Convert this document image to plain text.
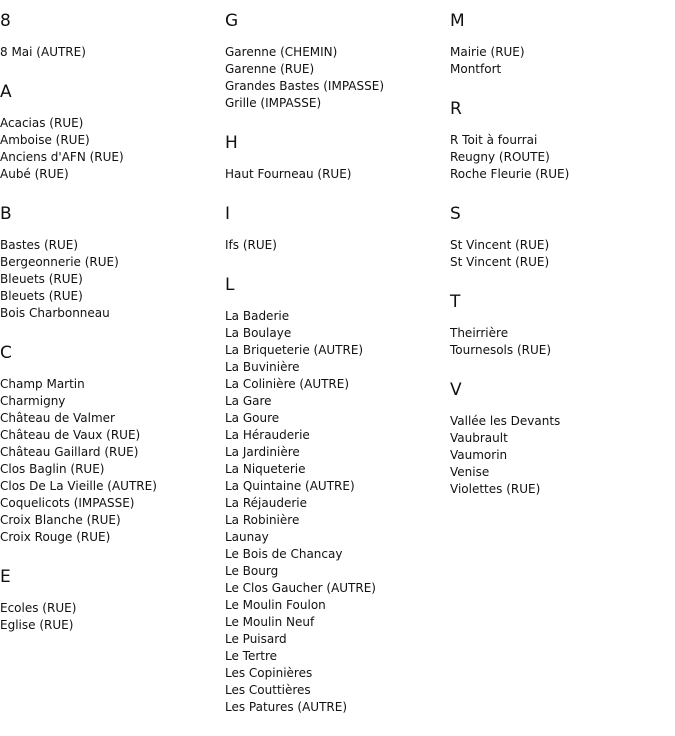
8
8 Mai (AUTRE)
A
Acacias (RUE)
Amboise (RUE)
Anciens d'AFN (RUE)
Aubé (RUE)
B
Bastes (RUE)
Bergeonnerie (RUE)
Bleuets (RUE)
Bleuets (RUE)
Bois Charbonneau
C
Champ Martin
Charmigny
Château de Valmer
Château de Vaux (RUE)
Château Gaillard (RUE)
Clos Baglin (RUE)
Clos De La Vieille (AUTRE)
Coquelicots (IMPASSE)
Croix Blanche (RUE)
Croix Rouge (RUE)
E
Ecoles (RUE)
Eglise (RUE)
G
Garenne (CHEMIN)
Garenne (RUE)
Grandes Bastes (IMPASSE)
Grille (IMPASSE)
H
Haut Fourneau (RUE)
I
Ifs (RUE)
L
La Baderie
La Boulaye
La Briqueterie (AUTRE)
La Buvinière
La Colinière (AUTRE)
La Gare
La Goure
La Hérauderie
La Jardinière
La Niqueterie
La Quintaine (AUTRE)
La Réjauderie
La Robinière
Launay
Le Bois de Chancay
Le Bourg
Le Clos Gaucher (AUTRE)
Le Moulin Foulon
Le Moulin Neuf
Le Puisard
Le Tertre
Les Copinières
Les Couttières
Les Patures (AUTRE)
M
Mairie (RUE)
Montfort
R
R Toit à fourrai
Reugny (ROUTE)
Roche Fleurie (RUE)
S
St Vincent (RUE)
St Vincent (RUE)
T
Theirrière
Tournesols (RUE)
V
Vallée les Devants
Vaubrault
Vaumorin
Venise
Violettes (RUE)
